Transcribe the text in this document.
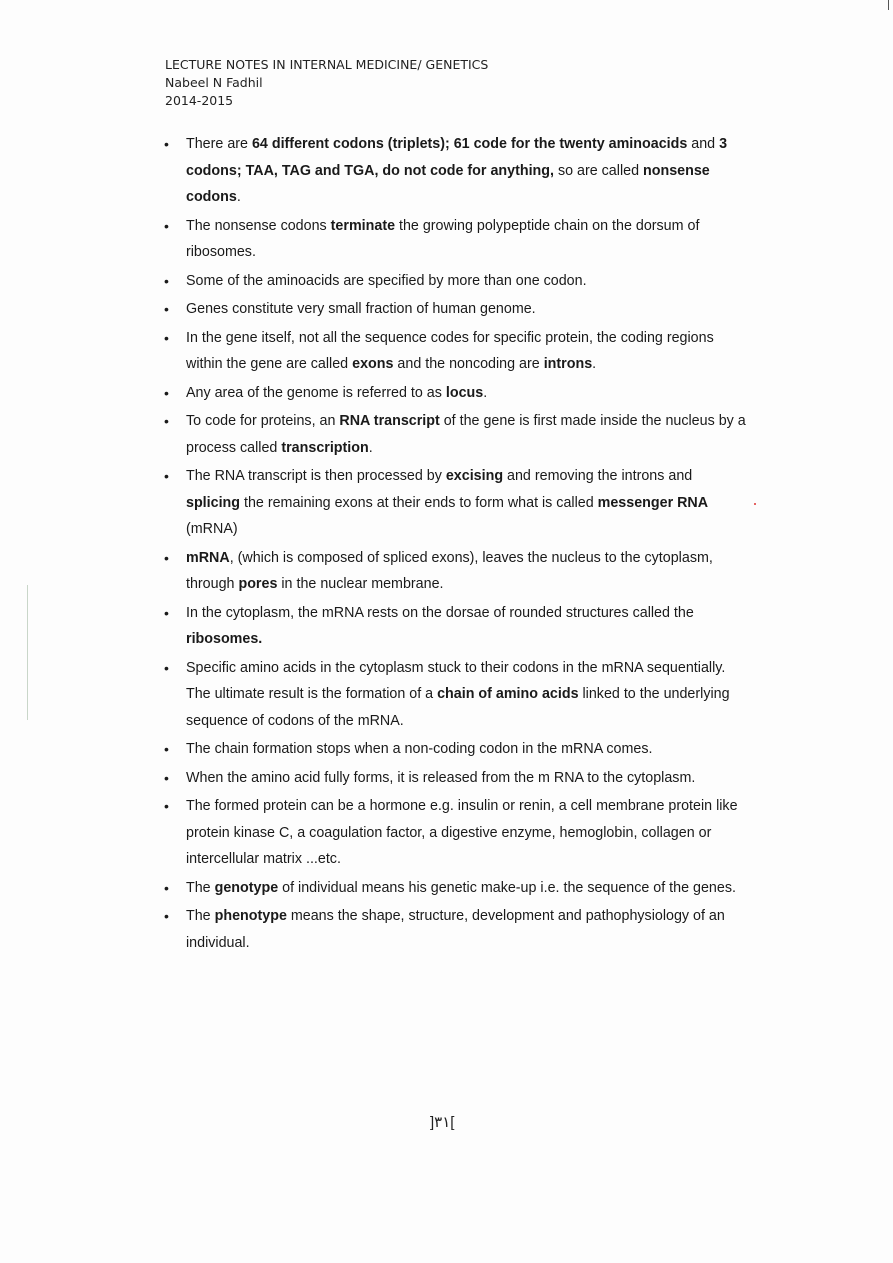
LECTURE NOTES IN INTERNAL MEDICINE/ GENETICS
Nabeel N Fadhil
2014-2015
• There are 64 different codons (triplets); 61 code for the twenty aminoacids and 3 codons; TAA, TAG and TGA, do not code for anything, so are called nonsense codons.
• The nonsense codons terminate the growing polypeptide chain on the dorsum of ribosomes.
• Some of the aminoacids are specified by more than one codon.
• Genes constitute very small fraction of human genome.
• In the gene itself, not all the sequence codes for specific protein, the coding regions within the gene are called exons and the noncoding are introns.
• Any area of the genome is referred to as locus.
• To code for proteins, an RNA transcript of the gene is first made inside the nucleus by a process called transcription.
• The RNA transcript is then processed by excising and removing the introns and splicing the remaining exons at their ends to form what is called messenger RNA (mRNA)
• mRNA, (which is composed of spliced exons), leaves the nucleus to the cytoplasm, through pores in the nuclear membrane.
• In the cytoplasm, the mRNA rests on the dorsae of rounded structures called the ribosomes.
• Specific amino acids in the cytoplasm stuck to their codons in the mRNA sequentially. The ultimate result is the formation of a chain of amino acids linked to the underlying sequence of codons of the mRNA.
• The chain formation stops when a non-coding codon in the mRNA comes.
• When the amino acid fully forms, it is released from the m RNA to the cytoplasm.
• The formed protein can be a hormone e.g. insulin or renin, a cell membrane protein like protein kinase C, a coagulation factor, a digestive enzyme, hemoglobin, collagen or intercellular matrix ...etc.
• The genotype of individual means his genetic make-up i.e. the sequence of the genes.
• The phenotype means the shape, structure, development and pathophysiology of an individual.
]٣١[
